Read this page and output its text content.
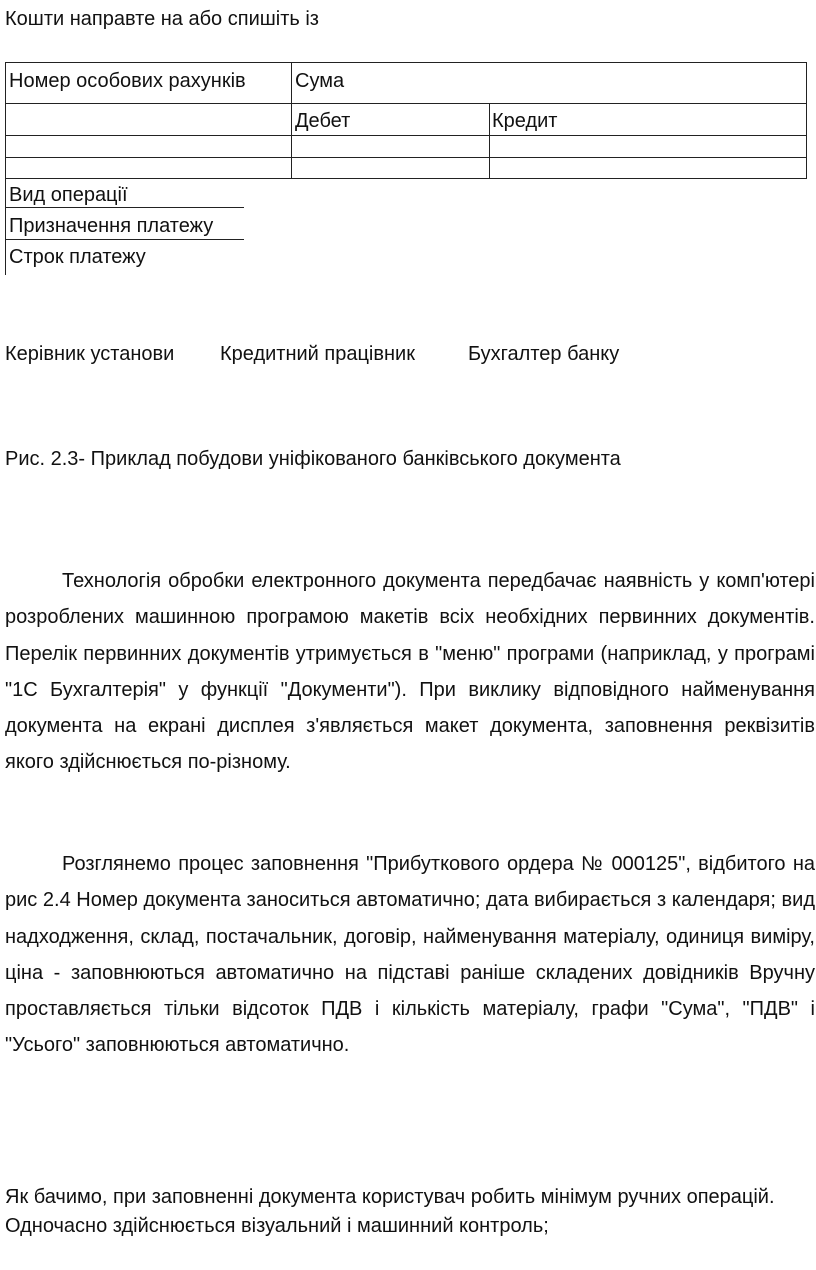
Кошти направте на або спишіть із
Номер особових рахунків Сума
Дебет	Кредит
Вид операції
Призначення платежу
Строк платежу
Керівник установи Кредитний працівник	Бухгалтер банку
Рис. 2.3- Приклад побудови уніфікованого банківського документа
Технологія обробки електронного документа передбачає наявність у комп'ютері розроблених машинною програмою макетів всіх необхідних первинних документів. Перелік первинних документів утримується в "меню" програми (наприклад, у програмі "1С Бухгалтерія" у функції "Документи"). При виклику відповідного найменування документа на екрані дисплея з'являється макет документа, заповнення реквізитів якого здійснюється по-різному.
Розглянемо процес заповнення "Прибуткового ордера № 000125", відбитого на рис 2.4 Номер документа заноситься автоматично; дата вибирається з календаря; вид надходження, склад, постачальник, договір, найменування матеріалу, одиниця виміру, ціна - заповнюються автоматично на підставі раніше складених довідників Вручну проставляється тільки відсоток ПДВ і кількість матеріалу, графи "Сума", "ПДВ" і "Усього" заповнюються автоматично.
Як бачимо, при заповненні документа користувач робить мінімум ручних операцій. Одночасно здійснюється візуальний і машинний контроль;
